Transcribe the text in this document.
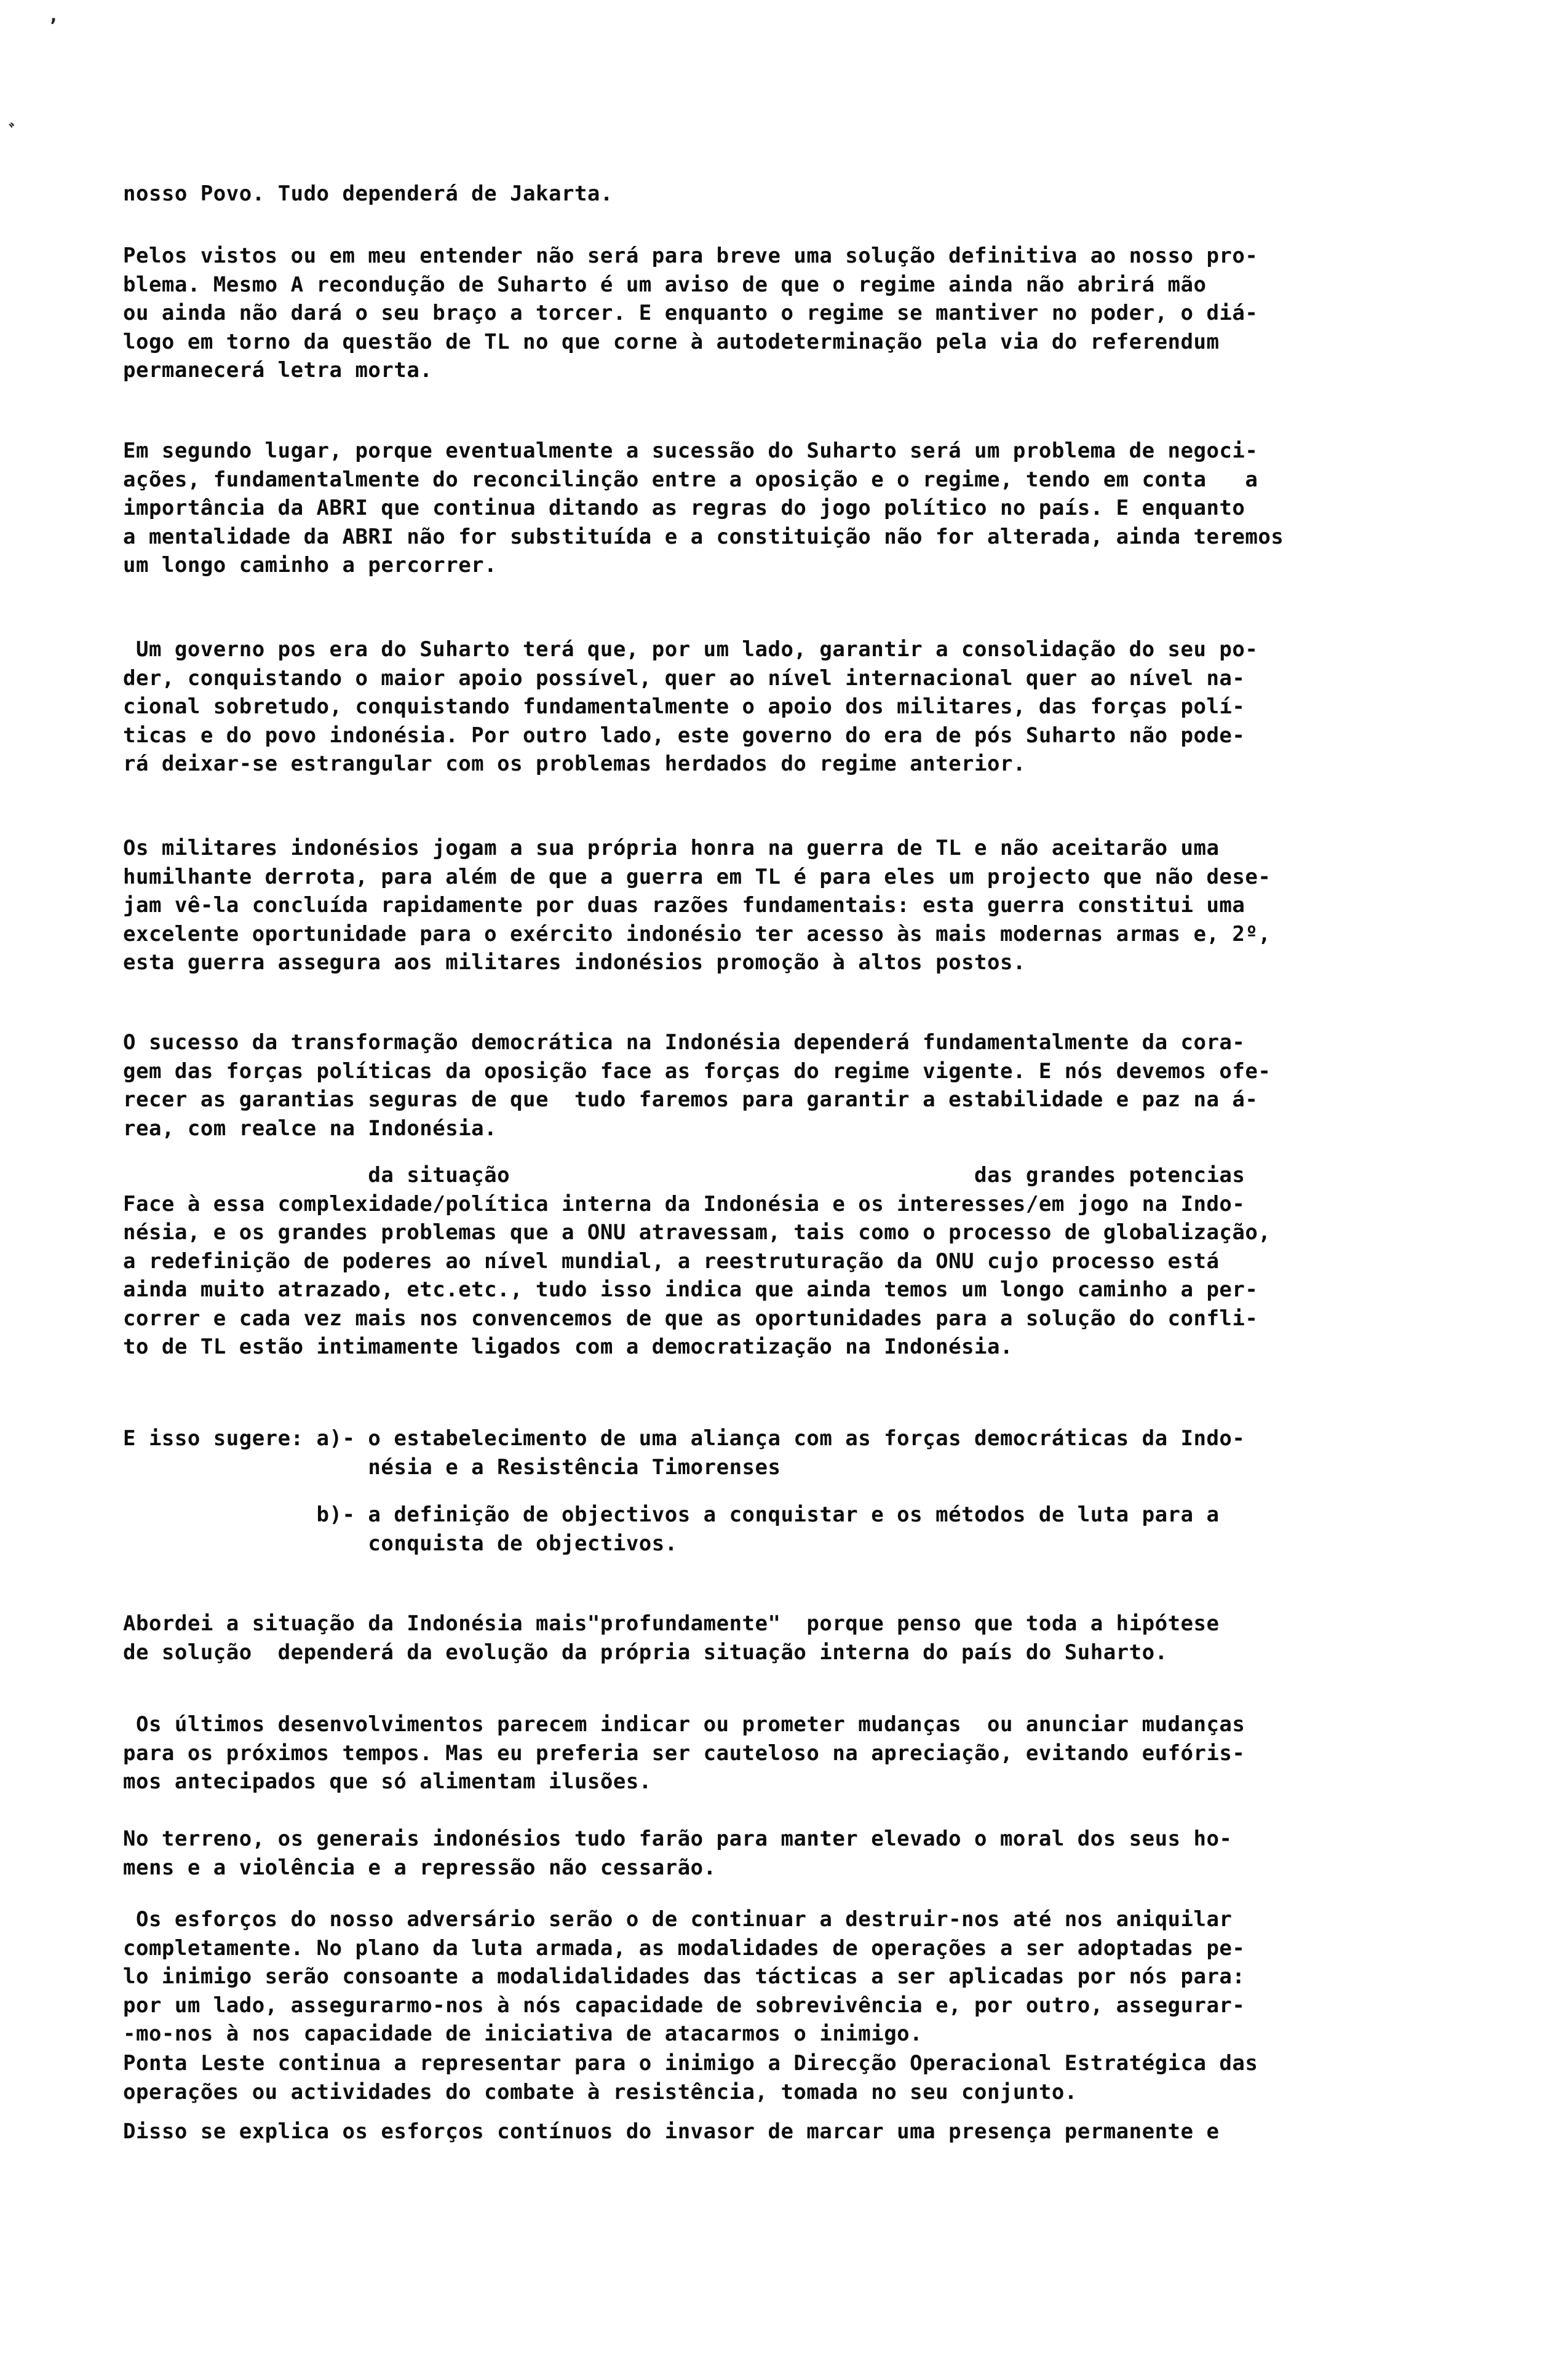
,
ﾞ
nosso Povo. Tudo dependerá de Jakarta.
Pelos vistos ou em meu entender não será para breve uma solução definitiva ao nosso pro-
blema. Mesmo A recondução de Suharto é um aviso de que o regime ainda não abrirá mão
ou ainda não dará o seu braço a torcer. E enquanto o regime se mantiver no poder, o diá-
logo em torno da questão de TL no que corne à autodeterminação pela via do referendum
permanecerá letra morta.
Em segundo lugar, porque eventualmente a sucessão do Suharto será um problema de negoci-
ações, fundamentalmente do reconcilinção entre a oposição e o regime, tendo em conta   a
importância da ABRI que continua ditando as regras do jogo político no país. E enquanto
a mentalidade da ABRI não for substituída e a constituição não for alterada, ainda teremos
um longo caminho a percorrer.
Um governo pos era do Suharto terá que, por um lado, garantir a consolidação do seu po-
der, conquistando o maior apoio possível, quer ao nível internacional quer ao nível na-
cional sobretudo, conquistando fundamentalmente o apoio dos militares, das forças polí-
ticas e do povo indonésia. Por outro lado, este governo do era de pós Suharto não pode-
rá deixar-se estrangular com os problemas herdados do regime anterior.
Os militares indonésios jogam a sua própria honra na guerra de TL e não aceitarão uma
humilhante derrota, para além de que a guerra em TL é para eles um projecto que não dese-
jam vê-la concluída rapidamente por duas razões fundamentais: esta guerra constitui uma
excelente oportunidade para o exército indonésio ter acesso às mais modernas armas e, 2º,
esta guerra assegura aos militares indonésios promoção à altos postos.
O sucesso da transformação democrática na Indonésia dependerá fundamentalmente da cora-
gem das forças políticas da oposição face as forças do regime vigente. E nós devemos ofe-
recer as garantias seguras de que  tudo faremos para garantir a estabilidade e paz na á-
rea, com realce na Indonésia.
da situação                                    das grandes potencias
Face à essa complexidade/política interna da Indonésia e os interesses/em jogo na Indo-
nésia, e os grandes problemas que a ONU atravessam, tais como o processo de globalização,
a redefinição de poderes ao nível mundial, a reestruturação da ONU cujo processo está
ainda muito atrazado, etc.etc., tudo isso indica que ainda temos um longo caminho a per-
correr e cada vez mais nos convencemos de que as oportunidades para a solução do confli-
to de TL estão intimamente ligados com a democratização na Indonésia.
E isso sugere: a)- o estabelecimento de uma aliança com as forças democráticas da Indo-
nésia e a Resistência Timorenses
b)- a definição de objectivos a conquistar e os métodos de luta para a
conquista de objectivos.
Abordei a situação da Indonésia mais"profundamente"  porque penso que toda a hipótese
de solução  dependerá da evolução da própria situação interna do país do Suharto.
Os últimos desenvolvimentos parecem indicar ou prometer mudanças  ou anunciar mudanças
para os próximos tempos. Mas eu preferia ser cauteloso na apreciação, evitando eufóris-
mos antecipados que só alimentam ilusões.
No terreno, os generais indonésios tudo farão para manter elevado o moral dos seus ho-
mens e a violência e a repressão não cessarão.
Os esforços do nosso adversário serão o de continuar a destruir-nos até nos aniquilar
completamente. No plano da luta armada, as modalidades de operações a ser adoptadas pe-
lo inimigo serão consoante a modalidalidades das tácticas a ser aplicadas por nós para:
por um lado, assegurarmo-nos à nós capacidade de sobrevivência e, por outro, assegurar-
-mo-nos à nos capacidade de iniciativa de atacarmos o inimigo.
Ponta Leste continua a representar para o inimigo a Direcção Operacional Estratégica das
operações ou actividades do combate à resistência, tomada no seu conjunto.
Disso se explica os esforços contínuos do invasor de marcar uma presença permanente e
